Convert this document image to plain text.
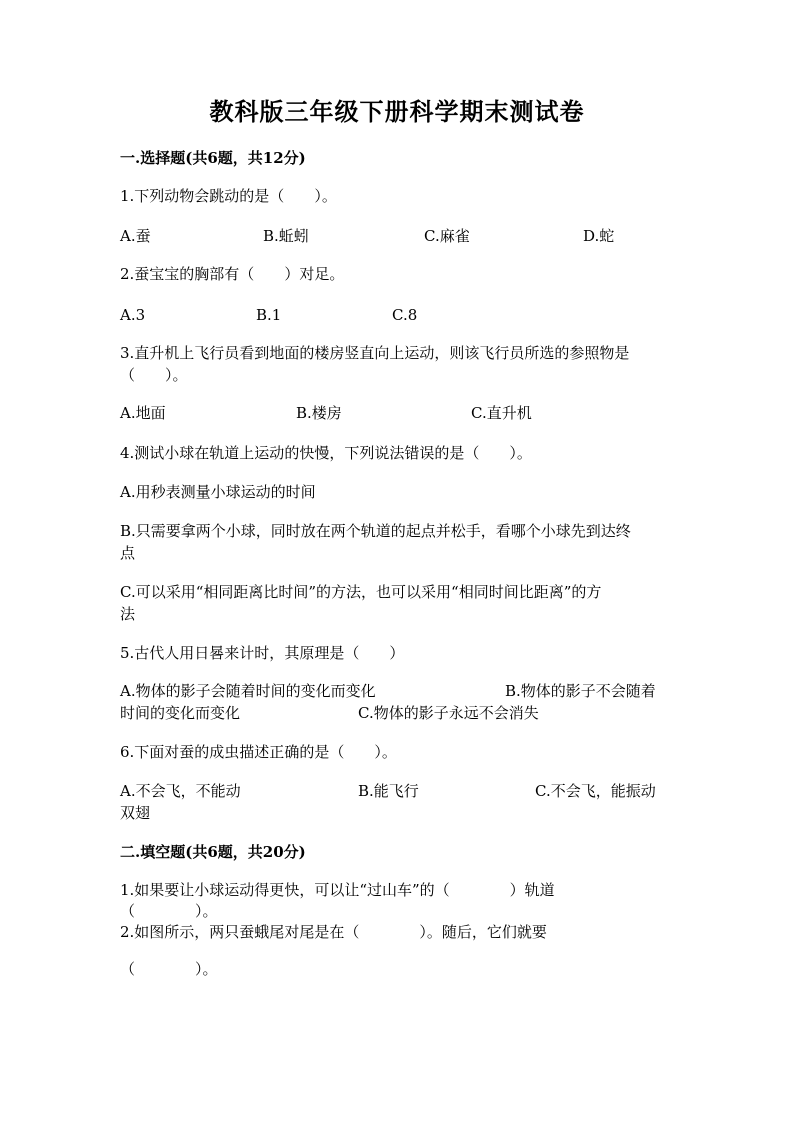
教科版三年级下册科学期末测试卷
一.选择题(共6题，共12分)
1.下列动物会跳动的是（　　）。
A.蚕	B.蚯蚓	C.麻雀	D.蛇
2.蚕宝宝的胸部有（　　）对足。
A.3	B.1	C.8
3.直升机上飞行员看到地面的楼房竖直向上运动，则该飞行员所选的参照物是
（　　）。
A.地面	B.楼房	C.直升机
4.测试小球在轨道上运动的快慢，下列说法错误的是（　　）。
A.用秒表测量小球运动的时间
B.只需要拿两个小球，同时放在两个轨道的起点并松手，看哪个小球先到达终
点
C.可以采用“相同距离比时间”的方法，也可以采用“相同时间比距离”的方
法
5.古代人用日晷来计时，其原理是（　　）
A.物体的影子会随着时间的变化而变化	B.物体的影子不会随着
时间的变化而变化	C.物体的影子永远不会消失
6.下面对蚕的成虫描述正确的是（　　）。
A.不会飞，不能动	B.能飞行	C.不会飞，能振动
双翅
二.填空题(共6题，共20分)
1.如果要让小球运动得更快，可以让“过山车”的（　　　　）轨道
（　　　　）。
2.如图所示，两只蚕蛾尾对尾是在（　　　　）。随后，它们就要
（　　　　）。
